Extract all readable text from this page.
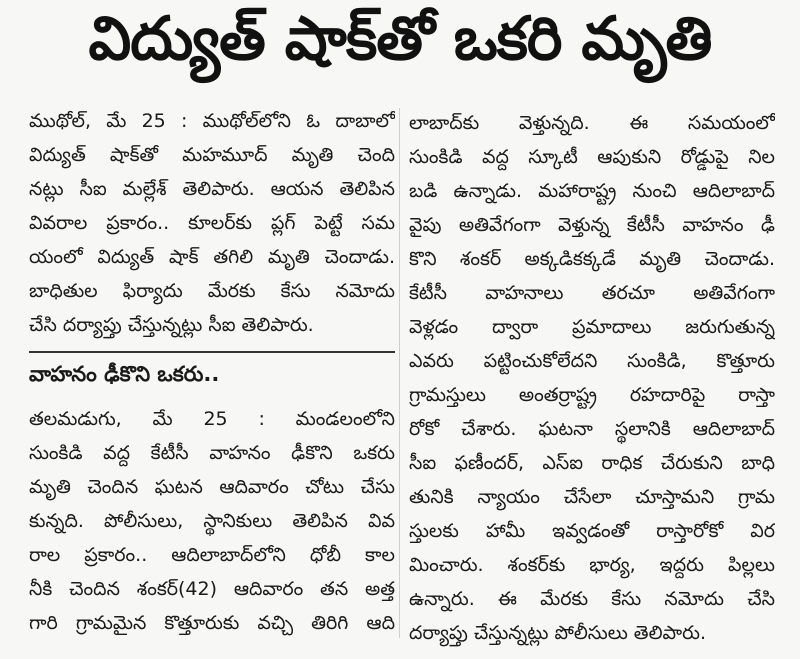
విద్యుత్ షాక్‌తో ఒకరి మృతి
ముథోల్, మే 25 : ముథోల్‌లోని ఓ దాబాలో
విద్యుత్ షాక్‌తో మహమూద్ మృతి చెంది
నట్లు సీఐ మల్లేశ్ తెలిపారు. ఆయన తెలిపిన
వివరాల ప్రకారం.. కూలర్‌కు ప్లగ్ పెట్టే సమ
యంలో విద్యుత్ షాక్ తగిలి మృతి చెందాడు.
బాధితుల ఫిర్యాదు మేరకు కేసు నమోదు
చేసి దర్యాప్తు చేస్తున్నట్లు సీఐ తెలిపారు.
వాహనం ఢీకొని ఒకరు..
తలమడుగు, మే 25 : మండలంలోని
సుంకిడి వద్ద కేటీసీ వాహనం ఢీకొని ఒకరు
మృతి చెందిన ఘటన ఆదివారం చోటు చేసు
కున్నది. పోలీసులు, స్థానికులు తెలిపిన వివ
రాల ప్రకారం.. ఆదిలాబాద్‌లోని ధోబీ కాల
నీకి చెందిన శంకర్(42) ఆదివారం తన అత్త
గారి గ్రామమైన కొత్తూరుకు వచ్చి తిరిగి ఆది
లాబాద్‌కు వెళ్తున్నది. ఈ సమయంలో
సుంకిడి వద్ద స్కూటీ ఆపుకుని రోడ్డుపై నిల
బడి ఉన్నాడు. మహారాష్ట్ర నుంచి ఆదిలాబాద్
వైపు అతివేగంగా వెళ్తున్న కేటీసీ వాహనం ఢీ
కొని శంకర్ అక్కడికక్కడే మృతి చెందాడు.
కేటీసీ వాహనాలు తరచూ అతివేగంగా
వెళ్లడం ద్వారా ప్రమాదాలు జరుగుతున్న
ఎవరు పట్టించుకోలేదని సుంకిడి, కొత్తూరు
గ్రామస్తులు అంతర్రాష్ట్ర రహదారిపై రాస్తా
రోకో చేశారు. ఘటనా స్థలానికి ఆదిలాబాద్
సీఐ ఫణీందర్, ఎస్ఐ రాధిక చేరుకుని బాధి
తునికి న్యాయం చేసేలా చూస్తామని గ్రామ
స్తులకు హామీ ఇవ్వడంతో రాస్తారోకో విర
మించారు. శంకర్‌కు భార్య, ఇద్దరు పిల్లలు
ఉన్నారు. ఈ మేరకు కేసు నమోదు చేసి
దర్యాప్తు చేస్తున్నట్లు పోలీసులు తెలిపారు.
